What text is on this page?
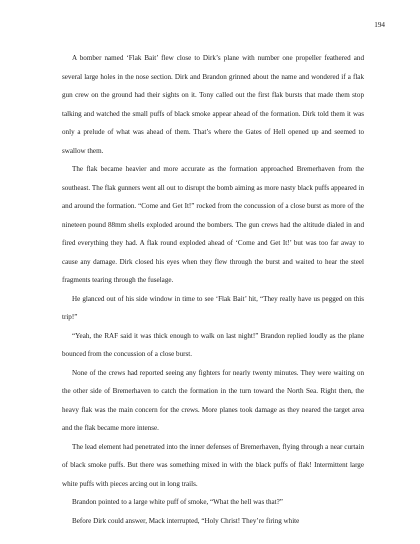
194

A bomber named ‘Flak Bait’ flew close to Dirk’s plane with number one propeller feathered and several large holes in the nose section. Dirk and Brandon grinned about the name and wondered if a flak gun crew on the ground had their sights on it. Tony called out the first flak bursts that made them stop talking and watched the small puffs of black smoke appear ahead of the formation. Dirk told them it was only a prelude of what was ahead of them. That’s where the Gates of Hell opened up and seemed to swallow them.

The flak became heavier and more accurate as the formation approached Bremerhaven from the southeast. The flak gunners went all out to disrupt the bomb aiming as more nasty black puffs appeared in and around the formation. “Come and Get It!” rocked from the concussion of a close burst as more of the nineteen pound 88mm shells exploded around the bombers. The gun crews had the altitude dialed in and fired everything they had. A flak round exploded ahead of ‘Come and Get It!’ but was too far away to cause any damage. Dirk closed his eyes when they flew through the burst and waited to hear the steel fragments tearing through the fuselage.

He glanced out of his side window in time to see ‘Flak Bait’ hit, “They really have us pegged on this trip!”

“Yeah, the RAF said it was thick enough to walk on last night!” Brandon replied loudly as the plane bounced from the concussion of a close burst.

None of the crews had reported seeing any fighters for nearly twenty minutes. They were waiting on the other side of Bremerhaven to catch the formation in the turn toward the North Sea. Right then, the heavy flak was the main concern for the crews. More planes took damage as they neared the target area and the flak became more intense.

The lead element had penetrated into the inner defenses of Bremerhaven, flying through a near curtain of black smoke puffs. But there was something mixed in with the black puffs of flak! Intermittent large white puffs with pieces arcing out in long trails.

Brandon pointed to a large white puff of smoke, “What the hell was that?”

Before Dirk could answer, Mack interrupted, “Holy Christ! They’re firing white
